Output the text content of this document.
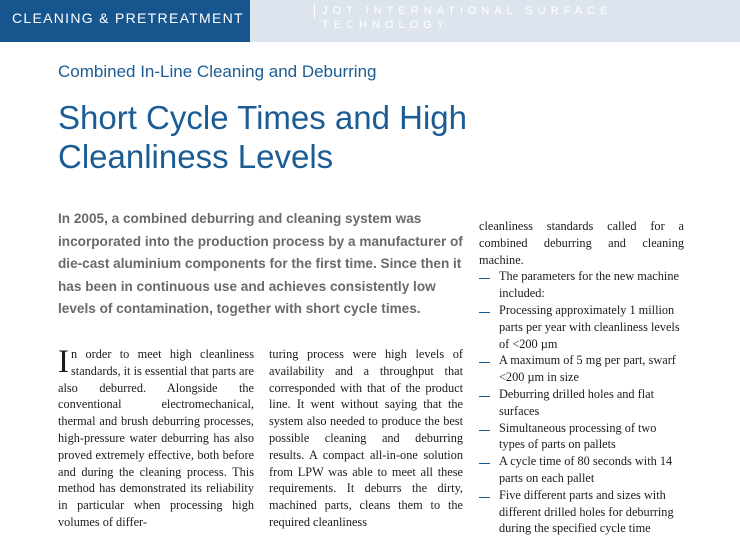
CLEANING & PRETREATMENT	JOT INTERNATIONAL SURFACE TECHNOLOGY
Combined In-Line Cleaning and Deburring
Short Cycle Times and High Cleanliness Levels

In 2005, a combined deburring and cleaning system was incorporated into the production process by a manufacturer of die-cast aluminium components for the first time. Since then it has been in continuous use and achieves consistently low levels of contamination, together with short cycle times.

In order to meet high cleanliness standards, it is essential that parts are also deburred. Alongside the conventional electromechanical, thermal and brush deburring processes, high-pressure water deburring has also proved extremely effective, both before and during the cleaning process. This method has demonstrated its reliability in particular when processing high volumes of differ-

turing process were high levels of availability and a throughput that corresponded with that of the product line. It went without saying that the system also needed to produce the best possible cleaning and deburring results. A compact all-in-one solution from LPW was able to meet all these requirements. It deburrs the dirty, machined parts, cleans them to the required cleanliness

cleanliness standards called for a combined deburring and cleaning machine.

The parameters for the new machine included:
Processing approximately 1 million parts per year with cleanliness levels of <200 µm
A maximum of 5 mg per part, swarf <200 µm in size
Deburring drilled holes and flat surfaces
Simultaneous processing of two types of parts on pallets
A cycle time of 80 seconds with 14 parts on each pallet
Five different parts and sizes with different drilled holes for deburring during the specified cycle time
